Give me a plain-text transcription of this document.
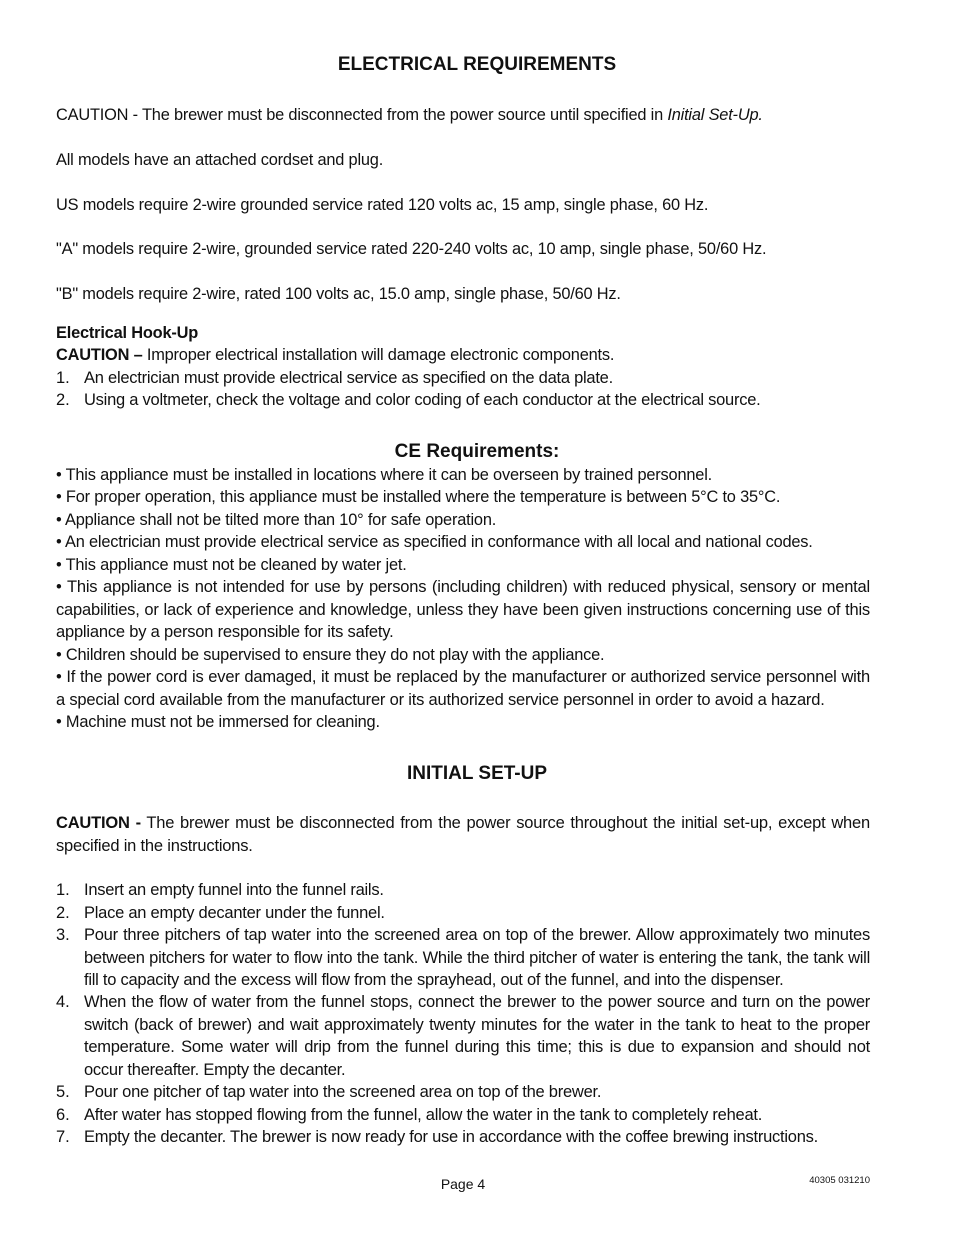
ELECTRICAL REQUIREMENTS
CAUTION - The brewer must be disconnected from the power source until specified in Initial Set-Up.
All models have an attached cordset and plug.
US models require 2-wire grounded service rated 120 volts ac, 15 amp, single phase, 60 Hz.
"A" models require 2-wire, grounded service rated 220-240 volts ac, 10 amp, single phase, 50/60 Hz.
"B" models require 2-wire, rated 100 volts ac, 15.0 amp, single phase, 50/60 Hz.
Electrical Hook-Up
CAUTION – Improper electrical installation will damage electronic components.
1. An electrician must provide electrical service as specified on the data plate.
2. Using a voltmeter, check the voltage and color coding of each conductor at the electrical source.
CE Requirements:
• This appliance must be installed in locations where it can be overseen by trained personnel.
• For proper operation, this appliance must be installed where the temperature is between 5°C to 35°C.
• Appliance shall not be tilted more than 10° for safe operation.
• An electrician must provide electrical service as specified in conformance with all local and national codes.
• This appliance must not be cleaned by water jet.
• This appliance is not intended for use by persons (including children) with reduced physical, sensory or mental capabilities, or lack of experience and knowledge, unless they have been given instructions concerning use of this appliance by a person responsible for its safety.
• Children should be supervised to ensure they do not play with the appliance.
• If the power cord is ever damaged, it must be replaced by the manufacturer or authorized service personnel with a special cord available from the manufacturer or its authorized service personnel in order to avoid a hazard.
• Machine must not be immersed for cleaning.
INITIAL SET-UP
CAUTION - The brewer must be disconnected from the power source throughout the initial set-up, except when specified in the instructions.
1. Insert an empty funnel into the funnel rails.
2. Place an empty decanter under the funnel.
3. Pour three pitchers of tap water into the screened area on top of the brewer. Allow approximately two minutes between pitchers for water to flow into the tank. While the third pitcher of water is entering the tank, the tank will fill to capacity and the excess will flow from the sprayhead, out of the funnel, and into the dispenser.
4. When the flow of water from the funnel stops, connect the brewer to the power source and turn on the power switch (back of brewer) and wait approximately twenty minutes for the water in the tank to heat to the proper temperature. Some water will drip from the funnel during this time; this is due to expansion and should not occur thereafter. Empty the decanter.
5. Pour one pitcher of tap water into the screened area on top of the brewer.
6. After water has stopped flowing from the funnel, allow the water in the tank to completely reheat.
7. Empty the decanter. The brewer is now ready for use in accordance with the coffee brewing instructions.
Page 4	40305 031210
